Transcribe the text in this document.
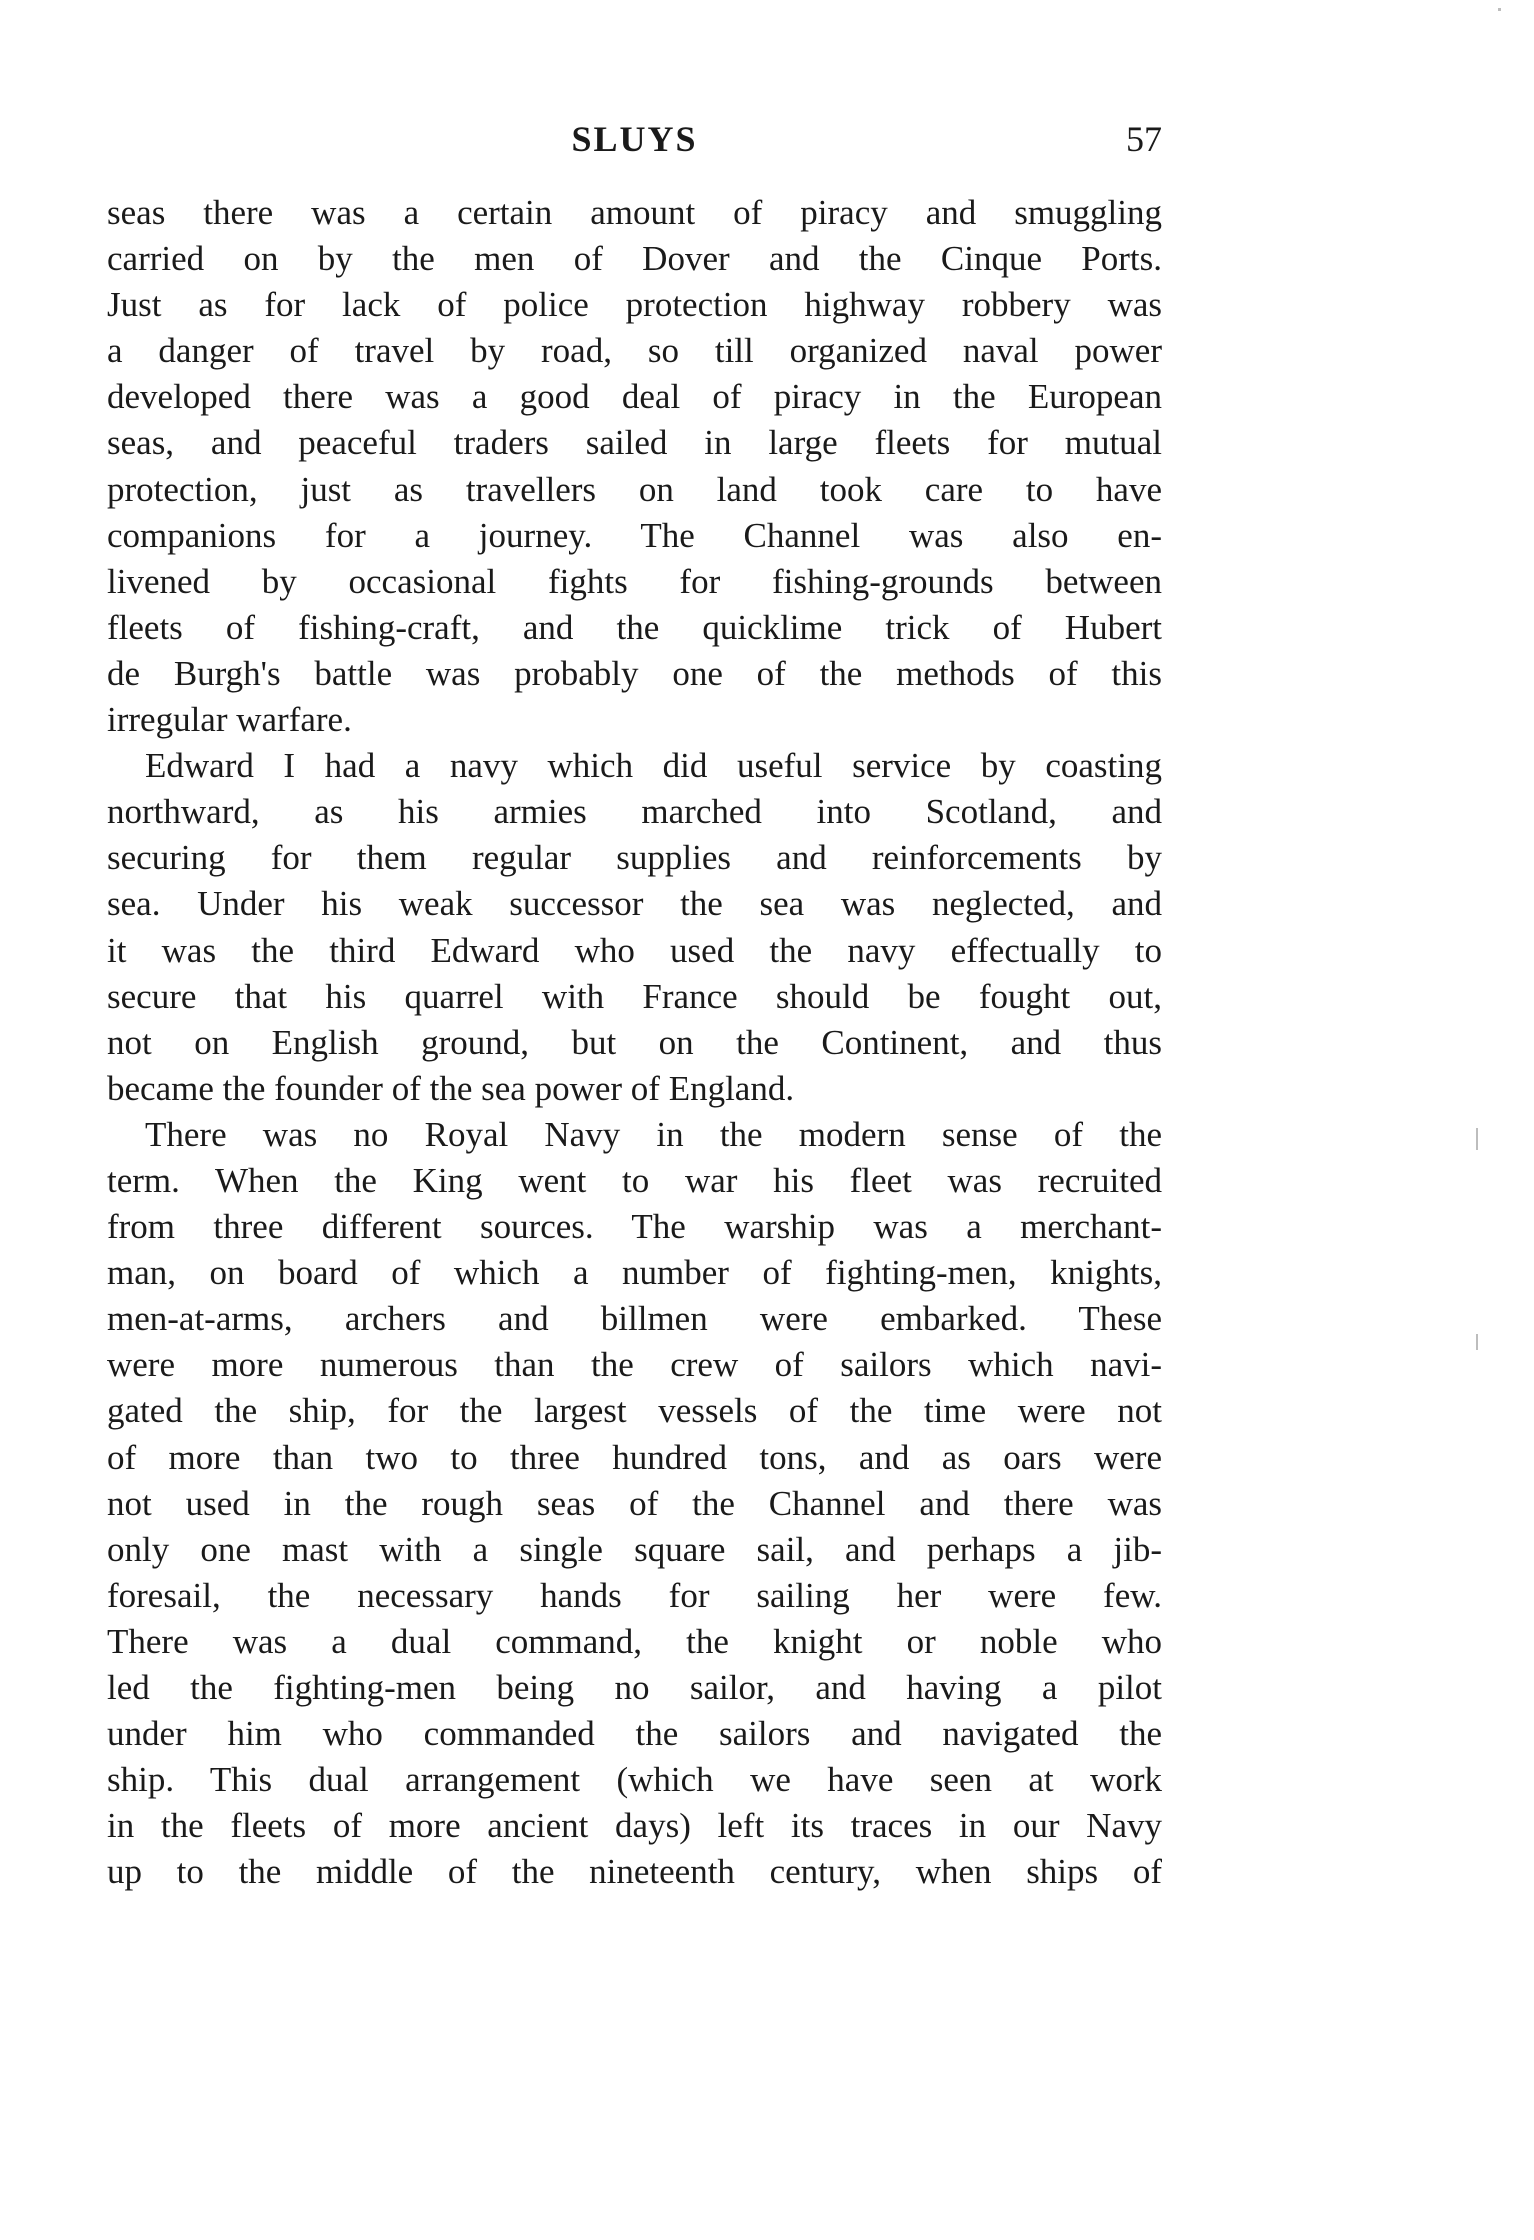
SLUYS	57
seas there was a certain amount of piracy and smuggling
carried on by the men of Dover and the Cinque Ports.
Just as for lack of police protection highway robbery was
a danger of travel by road, so till organized naval power
developed there was a good deal of piracy in the European
seas, and peaceful traders sailed in large fleets for mutual
protection, just as travellers on land took care to have
companions for a journey. The Channel was also en-
livened by occasional fights for fishing-grounds between
fleets of fishing-craft, and the quicklime trick of Hubert
de Burgh's battle was probably one of the methods of this
irregular warfare.
Edward I had a navy which did useful service by coasting
northward, as his armies marched into Scotland, and
securing for them regular supplies and reinforcements by
sea. Under his weak successor the sea was neglected, and
it was the third Edward who used the navy effectually to
secure that his quarrel with France should be fought out,
not on English ground, but on the Continent, and thus
became the founder of the sea power of England.
There was no Royal Navy in the modern sense of the
term. When the King went to war his fleet was recruited
from three different sources. The warship was a merchant-
man, on board of which a number of fighting-men, knights,
men-at-arms, archers and billmen were embarked. These
were more numerous than the crew of sailors which navi-
gated the ship, for the largest vessels of the time were not
of more than two to three hundred tons, and as oars were
not used in the rough seas of the Channel and there was
only one mast with a single square sail, and perhaps a jib-
foresail, the necessary hands for sailing her were few.
There was a dual command, the knight or noble who
led the fighting-men being no sailor, and having a pilot
under him who commanded the sailors and navigated the
ship. This dual arrangement (which we have seen at work
in the fleets of more ancient days) left its traces in our Navy
up to the middle of the nineteenth century, when ships of
